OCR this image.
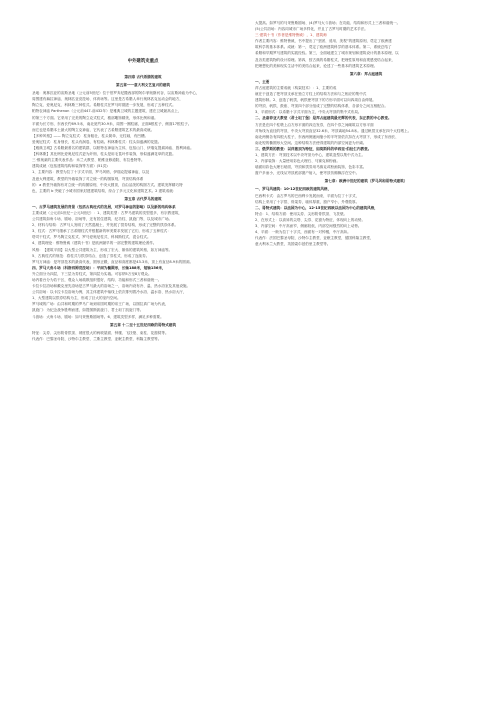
中外建筑史重点
第四章 古代希腊的建筑
第五章一一意大利文艺复兴的建筑
圣地：奥林匹亚的宙斯圣地（公元前5世纪）位于伯罗奔尼撒西部的阿尔菲奥斯河谷，以宙斯神庙为中心，
周围建有赫拉神庙、奥林匹亚竞技场、体育场等。这里是古希腊人举行奥林匹克运动会的地方，
陶立克、爱奥尼克、科林斯三种柱式。希腊柱式在罗马时期进一步发展，形成了五种柱式。
帕特农神庙 Parthenon（公元前447-前432年）是雅典卫城的主题建筑，建在卫城最高点上，
的第三个方面。它采用了完美的陶立克式柱式，檐部雕饰精美，形体比例和谐。
平面为长方形，东西长约69.5米，南北宽约30.9米，周围一圈柱廊，正面8根柱子，侧面17根柱子。
而它也是希腊本土最大的陶立克神庙，它代表了古希腊建筑艺术的最高成就。
【多种风格】—— 陶立克柱式：柱身粗壮，柱头简单，无柱础，有凹槽。
爱奥尼柱式：柱身细长，柱头有涡卷，有柱础。科林斯柱式：柱头如盛满的花篮。
【雅典卫城】古希腊最著名的建筑群，以帕特农神庙为主体，包括山门、伊瑞克提翁神庙、胜利神庙。
【科林斯】其比例比爱奥尼柱式更为纤细，柱头是用毛茛叶作装饰，形似盛满花草的花篮。
三·维奥莱的主要代表作品：米兰大教堂、帕维亚修道院、布拉曼特等。
建筑成就（包括建筑结构和装饰等方面）(51页)
1、主要内容：教堂为拉丁十字式平面，罗马风格，伊瑞克提翁神庙，以及
及意大利建筑，教堂的外墙装饰了对立统一的构图原则，穹顶结构体系
的：a 教堂外墙饰有对立统一的构图原则，中央大圆顶，自由活泼的构图方式。建筑发挥精巧特
色，主要的 b 突破了小城市国家封建建筑结构，综合了多元文化和建筑艺术。2 建筑成就：
第五章 古代罗马的建筑
一、古罗马建筑发展的背景（包括古典柱式的发展，对罗马神庙的影响）以及新的结构体系
主要成就（公元前1世纪~公元3世纪）：1、建筑类型：古罗马建筑的类型很多，有宗教建筑，
公共建筑如角斗场、剧场、浴场等，还有居住建筑、纪功柱、凯旋门等，以及城市广场。
2、材料与结构：古罗马人发明了天然混凝土，并发展了拱券结构，形成了完整的拱券体系。
3、柱式：古罗马继承了古希腊柱式并根据新的审美要求发展了它们，形成了五种柱式：
塔司干柱式、罗马陶立克柱式、罗马爱奥尼柱式、科林斯柱式、混合柱式。
4、建筑理论：维特鲁威《建筑十书》是欧洲最早的一部完整的建筑理论著作。
风格：【建筑平面】以大型公共建筑为主，形成了宏大、雄伟的建筑风格，如万神庙等。
5、古典柱式的规范：将柱式与拱券结合，创造了券柱式，形成了连续券。
罗马万神庙：是穹顶技术的最高代表，圆形正殿，直径和高度都是43.3米，顶上有直径8.9米的圆洞。
四、罗马大角斗场（科洛西姆竞技场）：平面为椭圆形，长轴188米，短轴156米，
外立面分为四层，下三层为券柱式，第四层为实墙。可容纳5万至8万观众。
场内看台分为若干区，观众入场疏散组织很好，结构、功能和形式三者和谐统一。
卡拉卡拉浴场和戴克里先浴场是古罗马最大的浴场之一，浴场内设有冷、温、热水浴室及其他设施。
公共浴场：以卡拉卡拉浴场为例，其主体建筑中轴线上依次排列着冷水浴、温水浴、热水浴大厅，
1、大型建筑以拱券结构为主，形成了巨大的室内空间。
罗马城的广场：由共和时期的罗马广场到帝国时期的帝王广场，以图拉真广场为代表，
凯旋门：为纪念战争胜利而建，如提图斯凯旋门、君士坦丁凯旋门等。
斗兽场：大角斗场、剧场：如马采鲁斯剧场等。6、建筑类型多样，满足多种需要。
第五章 十二至十五世纪西欧的哥特式建筑
特征：尖券、尖形肋骨拱顶、坡度很大的两坡屋面、钟楼、飞扶壁、束柱、花窗棂等。
代表作：巴黎圣母院、沙特尔主教堂、兰斯主教堂、亚眠主教堂、科隆主教堂等。
大提高。如罗马的马采鲁斯剧场、(4)罗马大斗兽场；在功能、结构和形式上三者和谐统一。
(5)公共浴场：内容同城市广场多样化，并且了古罗马时期的艺术手法。
三·建筑十书（作者是维特鲁威），1、建筑师
作者主要内容：维特鲁威，书中提出了“坚固、适用、美观”的建筑原则，奠定了欧洲建
筑科学的基本体系。成就：第一，奠定了欧洲建筑科学的基本体系。第二，系统总结了
希腊和早期罗马建筑的实践经验。第三，全面地建立了城市规划和建筑设计的基本原理，以
及各类建筑物的设计原理。第四，按古典的希腊柱式，把理性原则和直观感受结合起来，
把理想化的美和现实生活中的美结合起来，论述了一些基本的建筑艺术原理。
第六章：拜占庭建筑
一、主要
拜占庭建筑的主要成就（构架技术）：1、主要的成
就在于创造了把穹顶支承在独立方柱上的结构方法和与之相应的集中式
建筑形制。2、创造了帆拱，帆拱使穹顶下的方形平面可以向四周自由伸展。
的穹顶、帆拱、鼓座、穹顶四个部分组成了完整的结构体系，各部分之间互相配合。
3、平面形式：以希腊十字式平面为主，中央大穹顶的集中式布局。
二、圣索菲亚大教堂（君士坦丁堡）是拜占庭建筑最光辉的代表，东正教的中心教堂。
方法是在四个柱墩上沿方形平面的四边发券，在四个券之间砌筑以方形平面
对角线为直径的穹顶，中央大穹顶直径32.6米，穹顶离地54.8米。通过帆拱支承在四个大柱墩上。
南北两侧各有四根大柱子，东西两侧逐间缩小的半穹顶依次扣在大穹顶下，形成了东西长、
南北短的椭圆形大空间。这种结构方法使得建筑的内部空间更为开阔。
三、俄罗斯的教堂：以洋葱顶为特征，如莫斯科的华西里·伯拉仁内教堂。
1、建筑方法：穹顶技术以中央穹顶为中心，建筑造型以集中式为主。
2、内部装饰：大量使用彩色大理石、马赛克和粉画。
墙面用彩色大理石贴面，穹顶和拱券用马赛克或粉画装饰，色彩丰富。
窗户多而小，光线从穹顶底部窗户射入，使穹顶仿佛飘浮在空中。
第七章：欧洲中世纪的建筑（罗马风和哥特式建筑）
一、罗马风建筑：10-12世纪西欧的建筑风格，
巴西利卡式：由古罗马的巴西利卡发展而来，平面为拉丁十字式，
结构上采用了十字拱、骨架券，墙体厚重，窗户窄小，外观敦厚。
二、哥特式建筑：以法国为中心，12-15世纪西欧以法国为中心的建筑风格，
特点：1、结构方面：使用尖券、尖形肋骨拱顶、飞扶壁。
2、在形式上：以高耸的尖塔、尖券、花窗为特征，体现向上的动势。
3、内部空间：中厅高而窄，侧廊较低，内部空间强烈的向上动势。
4、平面：一般为拉丁十字式，西面有一对钟楼，中厅高耸。
代表作：法国巴黎圣母院、沙特尔主教堂、亚眠主教堂，德国科隆主教堂，
意大利米兰大教堂，英国索尔兹伯里主教堂等。
